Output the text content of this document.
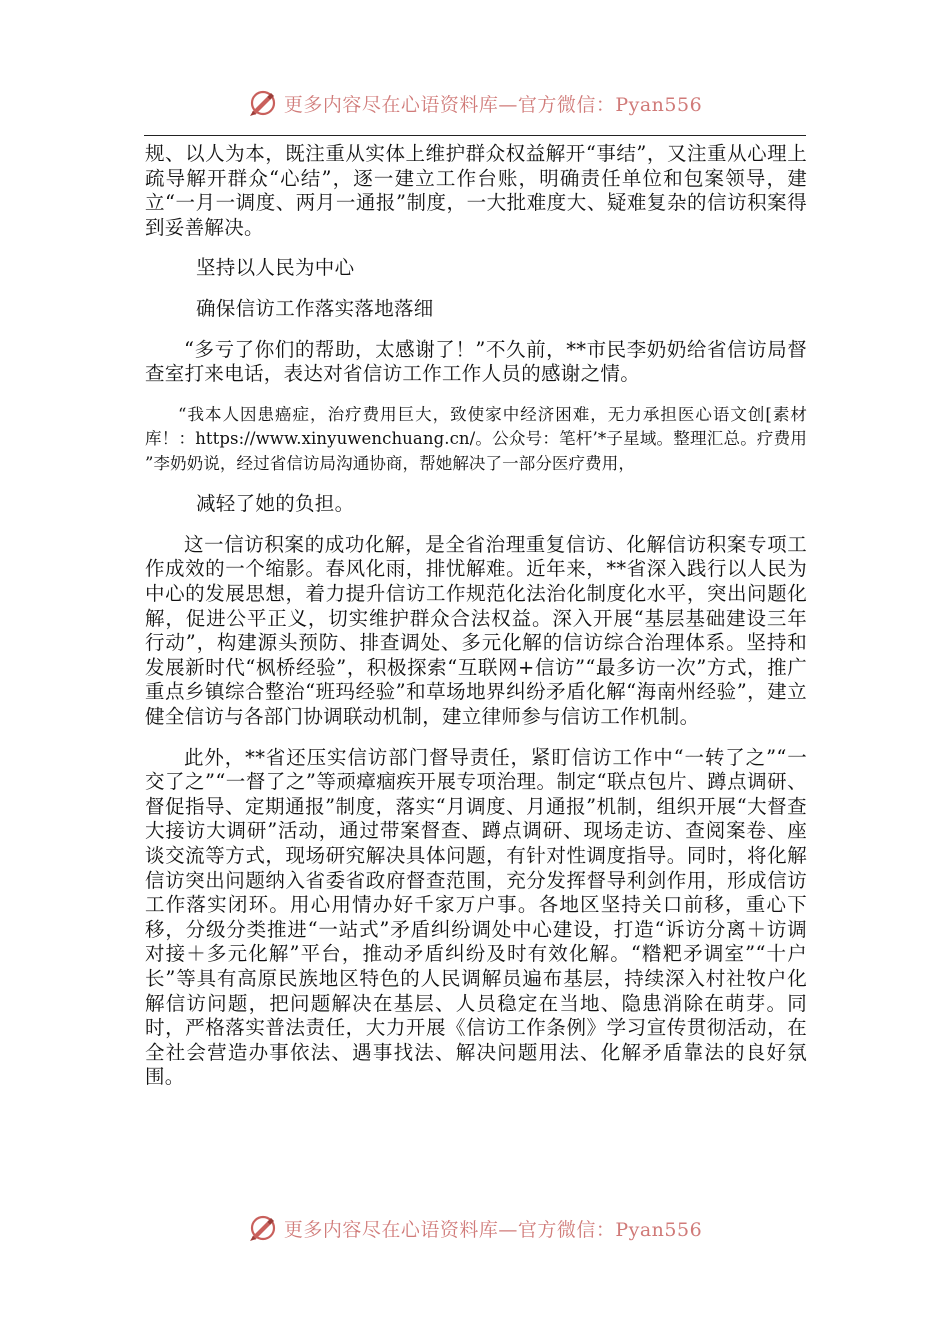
更多内容尽在心语资料库—官方微信：Pyan556

规、以人为本，既注重从实体上维护群众权益解开“事结”，又注重从心理上疏导解开群众“心结”，逐一建立工作台账，明确责任单位和包案领导，建立“一月一调度、两月一通报”制度，一大批难度大、疑难复杂的信访积案得到妥善解决。

坚持以人民为中心

确保信访工作落实落地落细

“多亏了你们的帮助，太感谢了！”不久前，**市民李奶奶给省信访局督查室打来电话，表达对省信访工作工作人员的感谢之情。

“我本人因患癌症，治疗费用巨大，致使家中经济困难，无力承担医心语文创[素材库！：https://www.xinyuwenchuang.cn/。公众号：笔杆’*子星域。整理汇总。疗费用 ”李奶奶说，经过省信访局沟通协商，帮她解决了一部分医疗费用，

减轻了她的负担。

这一信访积案的成功化解，是全省治理重复信访、化解信访积案专项工作成效的一个缩影。春风化雨，排忧解难。近年来，**省深入践行以人民为中心的发展思想，着力提升信访工作规范化法治化制度化水平，突出问题化解，促进公平正义，切实维护群众合法权益。深入开展“基层基础建设三年行动”，构建源头预防、排查调处、多元化解的信访综合治理体系。坚持和发展新时代“枫桥经验”，积极探索“互联网+信访”“最多访一次”方式，推广重点乡镇综合整治“班玛经验”和草场地界纠纷矛盾化解“海南州经验”，建立健全信访与各部门协调联动机制，建立律师参与信访工作机制。

此外，**省还压实信访部门督导责任，紧盯信访工作中“一转了之”“一交了之”“一督了之”等顽瘴痼疾开展专项治理。制定“联点包片、蹲点调研、督促指导、定期通报”制度，落实“月调度、月通报”机制，组织开展“大督查大接访大调研”活动，通过带案督查、蹲点调研、现场走访、查阅案卷、座谈交流等方式，现场研究解决具体问题，有针对性调度指导。同时，将化解信访突出问题纳入省委省政府督查范围，充分发挥督导利剑作用，形成信访工作落实闭环。用心用情办好千家万户事。各地区坚持关口前移，重心下移，分级分类推进“一站式”矛盾纠纷调处中心建设，打造“诉访分离＋访调对接＋多元化解”平台，推动矛盾纠纷及时有效化解。“糌粑矛调室”“十户长”等具有高原民族地区特色的人民调解员遍布基层，持续深入村社牧户化解信访问题，把问题解决在基层、人员稳定在当地、隐患消除在萌芽。同时，严格落实普法责任，大力开展《信访工作条例》学习宣传贯彻活动，在全社会营造办事依法、遇事找法、解决问题用法、化解矛盾靠法的良好氛围。

更多内容尽在心语资料库—官方微信：Pyan556
